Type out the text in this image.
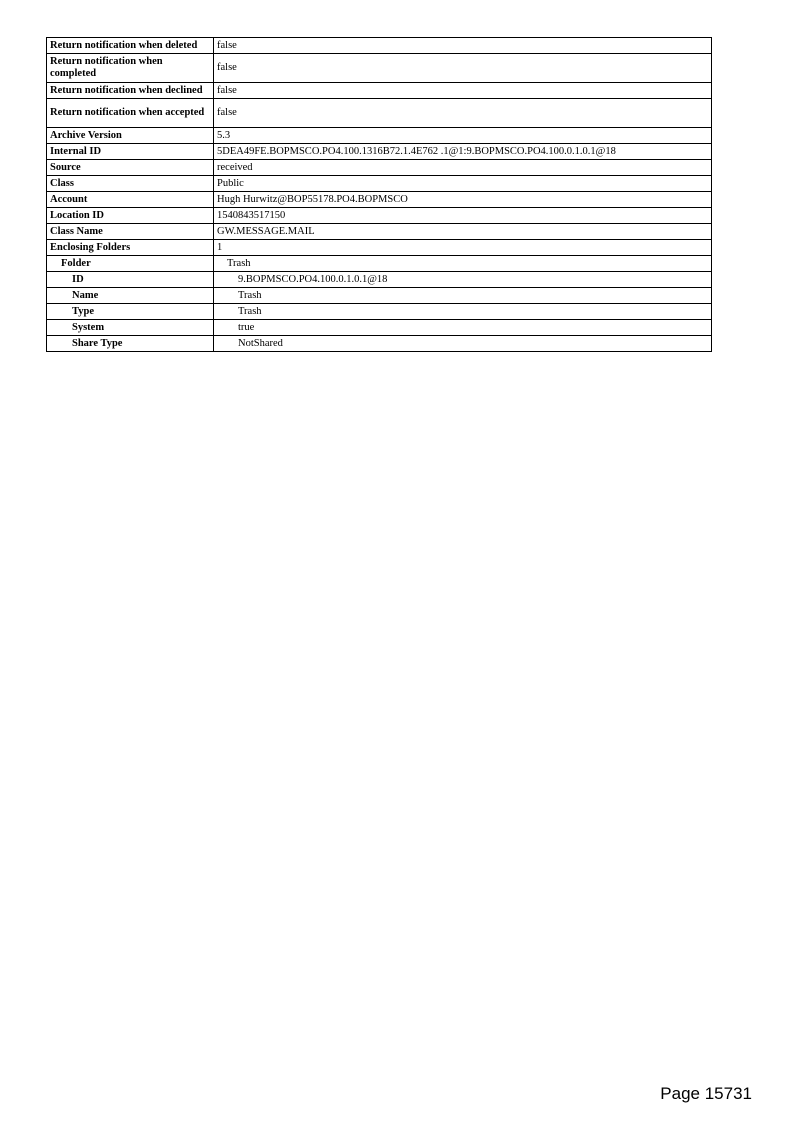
Return notification when deleted	false
Return notification when completed	false
Return notification when declined	false
Return notification when accepted	false
Archive Version	5.3
Internal ID	5DEA49FE.BOPMSCO.PO4.100.1316B72.1.4E762 .1@1:9.BOPMSCO.PO4.100.0.1.0.1@18
Source	received
Class	Public
Account	Hugh Hurwitz@BOP55178.PO4.BOPMSCO
Location ID	1540843517150
Class Name	GW.MESSAGE.MAIL
Enclosing Folders	1
Folder	Trash
ID	9.BOPMSCO.PO4.100.0.1.0.1@18
Name	Trash
Type	Trash
System	true
Share Type	NotShared
Page 15731
